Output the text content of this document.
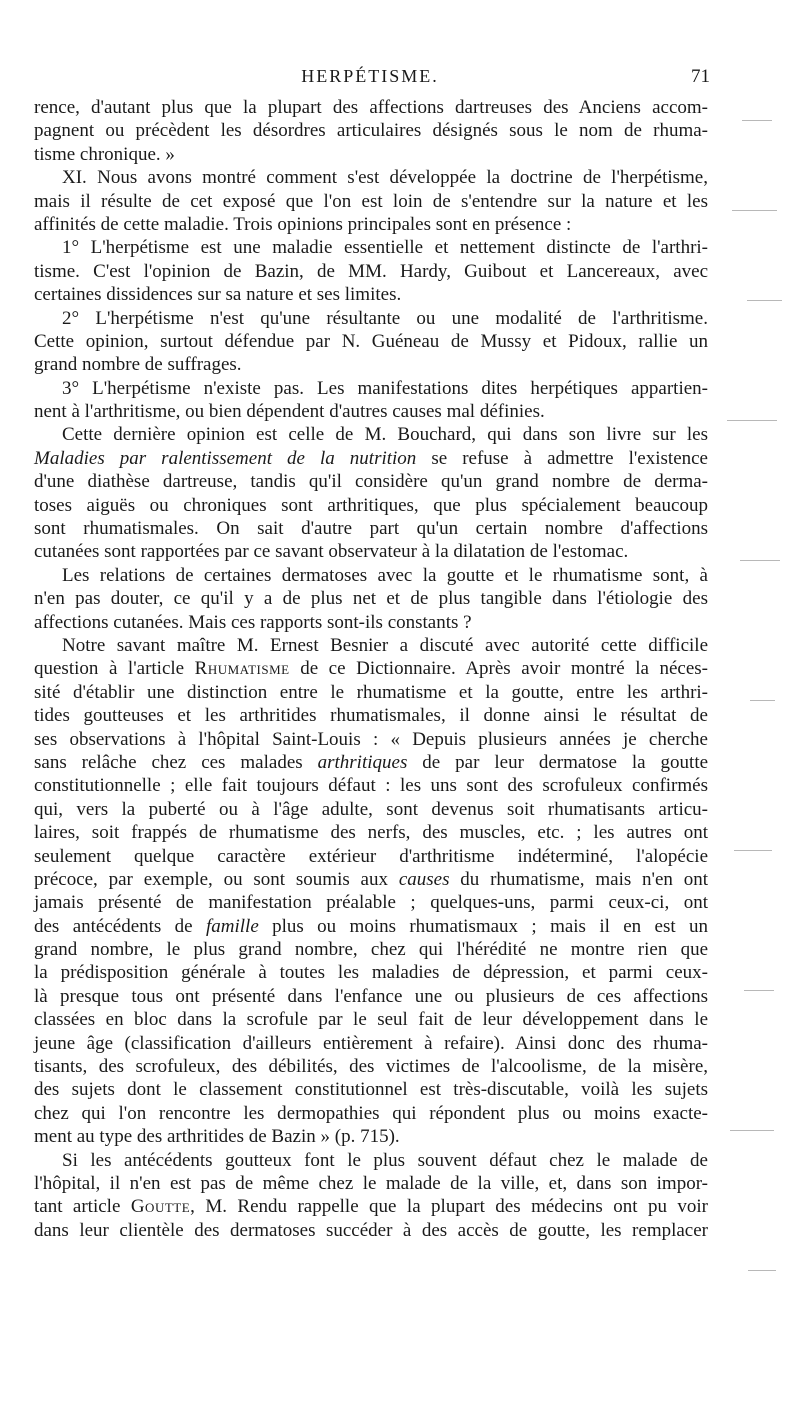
HERPÉTISME.	71
rence, d'autant plus que la plupart des affections dartreuses des Anciens accom-
pagnent ou précèdent les désordres articulaires désignés sous le nom de rhuma-
tisme chronique. »
XI. Nous avons montré comment s'est développée la doctrine de l'herpétisme,
mais il résulte de cet exposé que l'on est loin de s'entendre sur la nature et les
affinités de cette maladie. Trois opinions principales sont en présence :
1° L'herpétisme est une maladie essentielle et nettement distincte de l'arthri-
tisme. C'est l'opinion de Bazin, de MM. Hardy, Guibout et Lancereaux, avec
certaines dissidences sur sa nature et ses limites.
2° L'herpétisme n'est qu'une résultante ou une modalité de l'arthritisme.
Cette opinion, surtout défendue par N. Guéneau de Mussy et Pidoux, rallie un
grand nombre de suffrages.
3° L'herpétisme n'existe pas. Les manifestations dites herpétiques appartien-
nent à l'arthritisme, ou bien dépendent d'autres causes mal définies.
Cette dernière opinion est celle de M. Bouchard, qui dans son livre sur les
Maladies par ralentissement de la nutrition se refuse à admettre l'existence
d'une diathèse dartreuse, tandis qu'il considère qu'un grand nombre de derma-
toses aiguës ou chroniques sont arthritiques, que plus spécialement beaucoup
sont rhumatismales. On sait d'autre part qu'un certain nombre d'affections
cutanées sont rapportées par ce savant observateur à la dilatation de l'estomac.
Les relations de certaines dermatoses avec la goutte et le rhumatisme sont, à
n'en pas douter, ce qu'il y a de plus net et de plus tangible dans l'étiologie des
affections cutanées. Mais ces rapports sont-ils constants ?
Notre savant maître M. Ernest Besnier a discuté avec autorité cette difficile
question à l'article Rhumatisme de ce Dictionnaire. Après avoir montré la néces-
sité d'établir une distinction entre le rhumatisme et la goutte, entre les arthri-
tides goutteuses et les arthritides rhumatismales, il donne ainsi le résultat de
ses observations à l'hôpital Saint-Louis : « Depuis plusieurs années je cherche
sans relâche chez ces malades arthritiques de par leur dermatose la goutte
constitutionnelle ; elle fait toujours défaut : les uns sont des scrofuleux confirmés
qui, vers la puberté ou à l'âge adulte, sont devenus soit rhumatisants articu-
laires, soit frappés de rhumatisme des nerfs, des muscles, etc. ; les autres ont
seulement quelque caractère extérieur d'arthritisme indéterminé, l'alopécie
précoce, par exemple, ou sont soumis aux causes du rhumatisme, mais n'en ont
jamais présenté de manifestation préalable ; quelques-uns, parmi ceux-ci, ont
des antécédents de famille plus ou moins rhumatismaux ; mais il en est un
grand nombre, le plus grand nombre, chez qui l'hérédité ne montre rien que
la prédisposition générale à toutes les maladies de dépression, et parmi ceux-
là presque tous ont présenté dans l'enfance une ou plusieurs de ces affections
classées en bloc dans la scrofule par le seul fait de leur développement dans le
jeune âge (classification d'ailleurs entièrement à refaire). Ainsi donc des rhuma-
tisants, des scrofuleux, des débilités, des victimes de l'alcoolisme, de la misère,
des sujets dont le classement constitutionnel est très-discutable, voilà les sujets
chez qui l'on rencontre les dermopathies qui répondent plus ou moins exacte-
ment au type des arthritides de Bazin » (p. 715).
Si les antécédents goutteux font le plus souvent défaut chez le malade de
l'hôpital, il n'en est pas de même chez le malade de la ville, et, dans son impor-
tant article Goutte, M. Rendu rappelle que la plupart des médecins ont pu voir
dans leur clientèle des dermatoses succéder à des accès de goutte, les remplacer
